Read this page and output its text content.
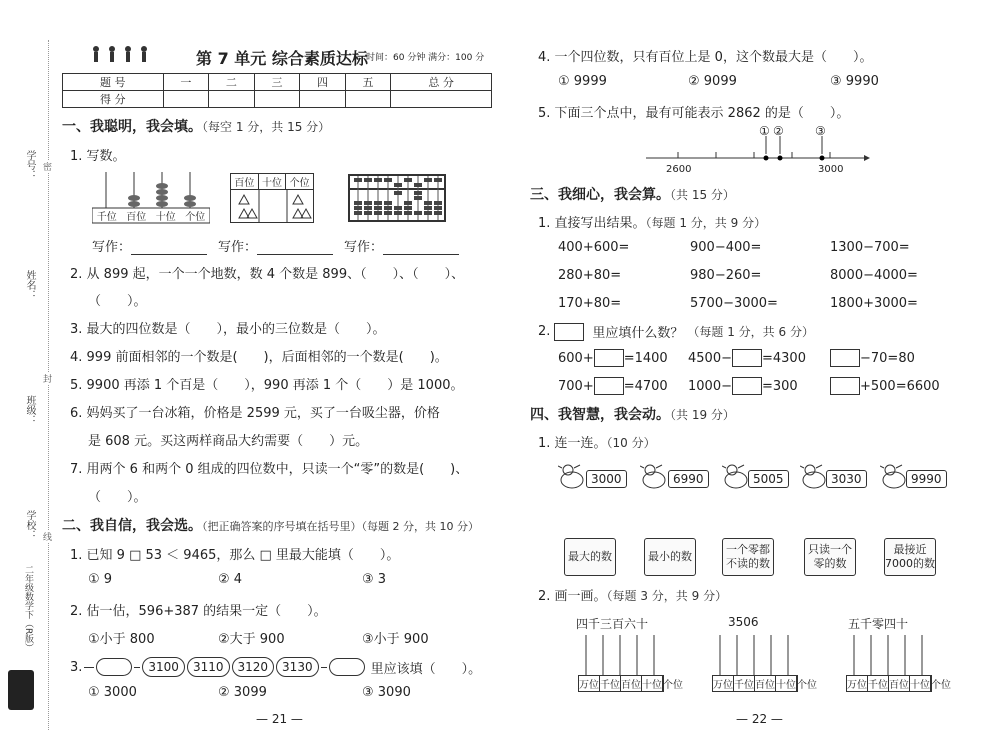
学号：
姓名：
班级：
学校：
密
封
线
二年级数学下（R版）
第 7 单元 综合素质达标
时间：60 分钟 满分：100 分
题 号	一	二	三	四	五	总 分
得 分						
一、我聪明，我会填。（每空 1 分，共 15 分）
1. 写数。
千位 百位 十位 个位
百位 十位 个位
写作：	写作：	写作：
2. 从 899 起，一个一个地数，数 4 个数是 899、（　　）、（　　）、
（　　）。
3. 最大的四位数是（　　），最小的三位数是（　　）。
4. 999 前面相邻的一个数是(　　)，后面相邻的一个数是(　　)。
5. 9900 再添 1 个百是（　　），990 再添 1 个（　　）是 1000。
6. 妈妈买了一台冰箱，价格是 2599 元，买了一台吸尘器，价格
是 608 元。买这两样商品大约需要（　　）元。
7. 用两个 6 和两个 0 组成的四位数中，只读一个“零”的数是(　　)、
（　　）。
二、我自信，我会选。（把正确答案的序号填在括号里）（每题 2 分，共 10 分）
1. 已知 9 □ 53 ＜ 9465，那么 □ 里最大能填（　　）。
① 9	② 4	③ 3
2. 估一估，596+387 的结果一定（　　）。
①小于 800	②大于 900	③小于 900
3.	3100	3110	3120	3130	里应该填（　　）。
① 3000	② 3099	③ 3090
— 21 —
4. 一个四位数，只有百位上是 0，这个数最大是（　　）。
① 9999	② 9099	③ 9990
5. 下面三个点中，最有可能表示 2862 的是（　　）。
① ②	③
2600	3000
三、我细心，我会算。（共 15 分）
1. 直接写出结果。（每题 1 分，共 9 分）
400+600=	900−400=	1300−700=
280+80=	980−260=	8000−4000=
170+80=	5700−3000=	1800+3000=
2.	里应填什么数？ （每题 1 分，共 6 分）
600+ =1400 4500− =4300	−70=80
700+ =4700 1000− =300	+500=6600
四、我智慧，我会动。（共 19 分）
1. 连一连。（10 分）
3000	6990	5005	3030	9990
最大的数	最小的数
一个零都
不读的数
只读一个
零的数
最接近
7000的数
2. 画一画。（每题 3 分，共 9 分）
四千三百六十	3506	五千零四十
万位 千位 百位 十位 个位	万位 千位 百位 十位 个位	万位 千位 百位 十位 个位
— 22 —
